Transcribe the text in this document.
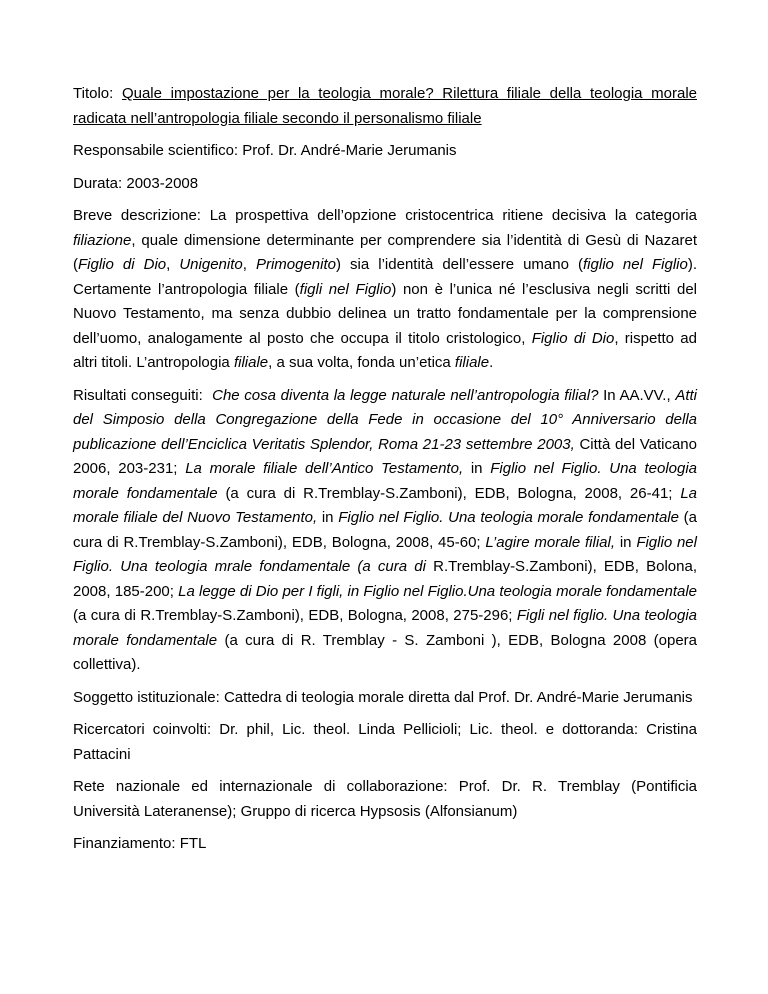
Titolo: Quale impostazione per la teologia morale? Rilettura filiale della teologia morale radicata nell’antropologia filiale secondo il personalismo filiale

Responsabile scientifico: Prof. Dr. André-Marie Jerumanis

Durata: 2003-2008

Breve descrizione: La prospettiva dell’opzione cristocentrica ritiene decisiva la categoria filiazione, quale dimensione determinante per comprendere sia l’identità di Gesù di Nazaret (Figlio di Dio, Unigenito, Primogenito) sia l’identità dell’essere umano (figlio nel Figlio). Certamente l’antropologia filiale (figli nel Figlio) non è l’unica né l’esclusiva negli scritti del Nuovo Testamento, ma senza dubbio delinea un tratto fondamentale per la comprensione dell’uomo, analogamente al posto che occupa il titolo cristologico, Figlio di Dio, rispetto ad altri titoli. L’antropologia filiale, a sua volta, fonda un’etica filiale.

Risultati conseguiti: Che cosa diventa la legge naturale nell’antropologia filial? In AA.VV., Atti del Simposio della Congregazione della Fede in occasione del 10° Anniversario della publicazione dell’Enciclica Veritatis Splendor, Roma 21-23 settembre 2003, Città del Vaticano 2006, 203-231; La morale filiale dell’Antico Testamento, in Figlio nel Figlio. Una teologia morale fondamentale (a cura di R.Tremblay-S.Zamboni), EDB, Bologna, 2008, 26-41; La morale filiale del Nuovo Testamento, in Figlio nel Figlio. Una teologia morale fondamentale (a cura di R.Tremblay-S.Zamboni), EDB, Bologna, 2008, 45-60; L’agire morale filial, in Figlio nel Figlio. Una teologia mrale fondamentale (a cura di R.Tremblay-S.Zamboni), EDB, Bolona, 2008, 185-200; La legge di Dio per I figli, in Figlio nel Figlio.Una teologia morale fondamentale (a cura di R.Tremblay-S.Zamboni), EDB, Bologna, 2008, 275-296; Figli nel figlio. Una teologia morale fondamentale (a cura di R. Tremblay - S. Zamboni ), EDB, Bologna 2008 (opera collettiva).

Soggetto istituzionale: Cattedra di teologia morale diretta dal Prof. Dr. André-Marie Jerumanis

Ricercatori coinvolti: Dr. phil, Lic. theol. Linda Pellicioli; Lic. theol. e dottoranda: Cristina Pattacini

Rete nazionale ed internazionale di collaborazione: Prof. Dr. R. Tremblay (Pontificia Università Lateranense); Gruppo di ricerca Hypsosis (Alfonsianum)

Finanziamento: FTL
